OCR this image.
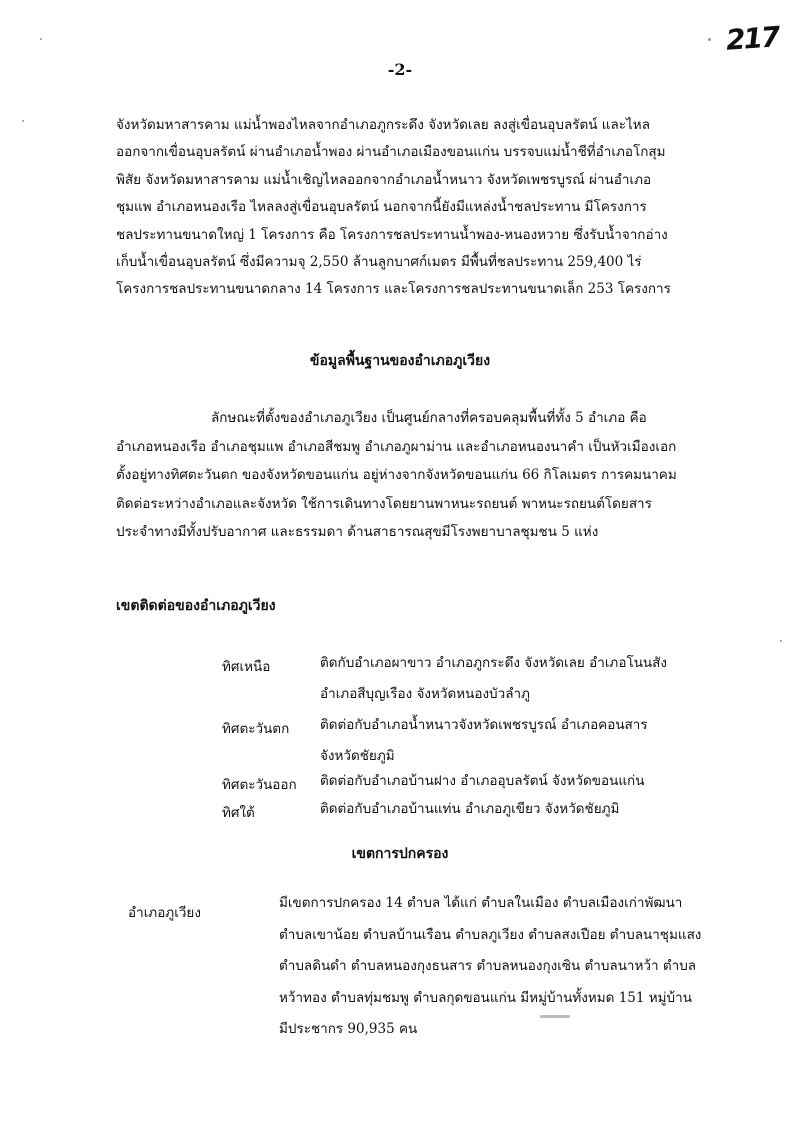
217
-2-
จังหวัดมหาสารคาม แม่น้ำพองไหลจากอำเภอภูกระดึง จังหวัดเลย ลงสู่เขื่อนอุบลรัตน์ และไหล
ออกจากเขื่อนอุบลรัตน์ ผ่านอำเภอน้ำพอง ผ่านอำเภอเมืองขอนแก่น บรรจบแม่น้ำชีที่อำเภอโกสุม
พิสัย จังหวัดมหาสารคาม แม่น้ำเชิญไหลออกจากอำเภอน้ำหนาว จังหวัดเพชรบูรณ์ ผ่านอำเภอ
ชุมแพ อำเภอหนองเรือ ไหลลงสู่เขื่อนอุบลรัตน์ นอกจากนี้ยังมีแหล่งน้ำชลประทาน มีโครงการ
ชลประทานขนาดใหญ่ 1 โครงการ คือ โครงการชลประทานน้ำพอง-หนองหวาย ซึ่งรับน้ำจากอ่าง
เก็บน้ำเขื่อนอุบลรัตน์ ซึ่งมีความจุ 2,550 ล้านลูกบาศก์เมตร มีพื้นที่ชลประทาน 259,400 ไร่
โครงการชลประทานขนาดกลาง 14 โครงการ และโครงการชลประทานขนาดเล็ก 253 โครงการ
ข้อมูลพื้นฐานของอำเภอภูเวียง
ลักษณะที่ตั้งของอำเภอภูเวียง เป็นศูนย์กลางที่ครอบคลุมพื้นที่ทั้ง 5 อำเภอ คือ
อำเภอหนองเรือ อำเภอชุมแพ อำเภอสีชมพู อำเภอภูผาม่าน และอำเภอหนองนาคำ เป็นหัวเมืองเอก
ตั้งอยู่ทางทิศตะวันตก ของจังหวัดขอนแก่น อยู่ห่างจากจังหวัดขอนแก่น 66 กิโลเมตร การคมนาคม
ติดต่อระหว่างอำเภอและจังหวัด ใช้การเดินทางโดยยานพาหนะรถยนต์ พาหนะรถยนต์โดยสาร
ประจำทางมีทั้งปรับอากาศ และธรรมดา ด้านสาธารณสุขมีโรงพยาบาลชุมชน 5 แห่ง
เขตติดต่อของอำเภอภูเวียง
ทิศเหนือ	ติดกับอำเภอผาขาว อำเภอภูกระดึง จังหวัดเลย อำเภอโนนสัง
อำเภอสีบุญเรือง จังหวัดหนองบัวลำภู
ทิศตะวันตก ติดต่อกับอำเภอน้ำหนาวจังหวัดเพชรบูรณ์ อำเภอคอนสาร
จังหวัดชัยภูมิ
ทิศตะวันออก ติดต่อกับอำเภอบ้านฝาง อำเภออุบลรัตน์ จังหวัดขอนแก่น
ทิศใต้	ติดต่อกับอำเภอบ้านแท่น อำเภอภูเขียว จังหวัดชัยภูมิ
เขตการปกครอง
อำเภอภูเวียง
มีเขตการปกครอง 14 ตำบล ได้แก่ ตำบลในเมือง ตำบลเมืองเก่าพัฒนา
ตำบลเขาน้อย ตำบลบ้านเรือน ตำบลภูเวียง ตำบลสงเปือย ตำบลนาชุมแสง
ตำบลดินดำ ตำบลหนองกุงธนสาร ตำบลหนองกุงเซิน ตำบลนาหว้า ตำบล
หว้าทอง ตำบลทุ่มชมพู ตำบลกุดขอนแก่น มีหมู่บ้านทั้งหมด 151 หมู่บ้าน
มีประชากร 90,935 คน
